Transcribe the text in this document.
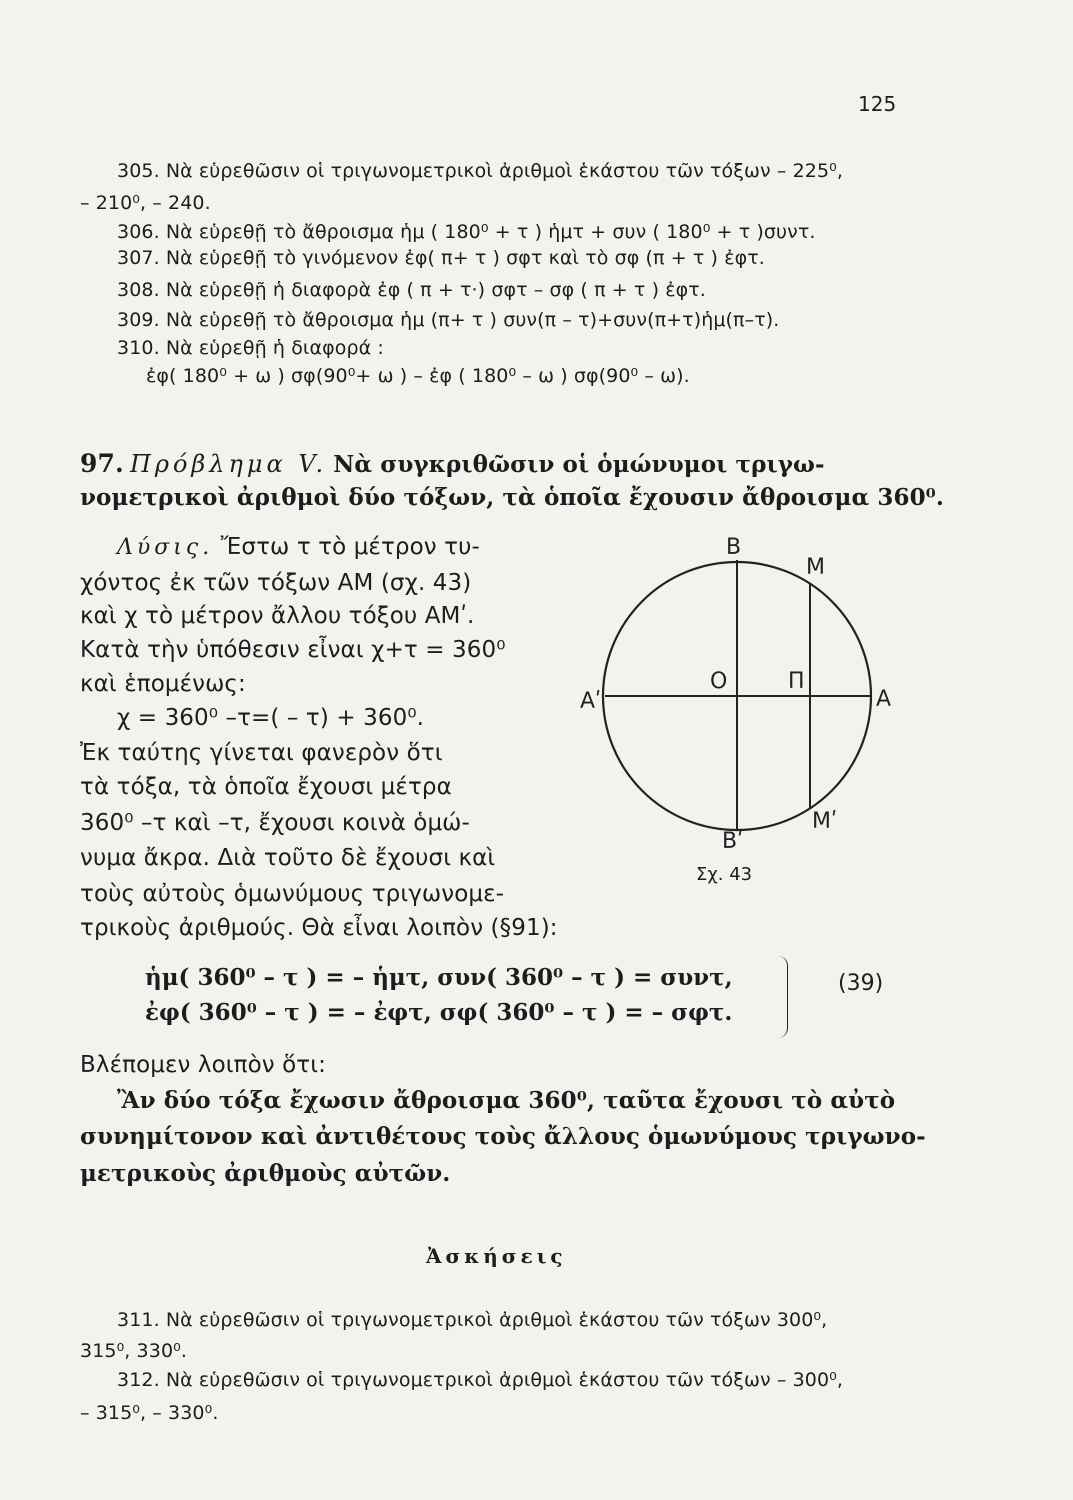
125
305. Νὰ εὑρεθῶσιν οἱ τριγωνομετρικοὶ ἀριθμοὶ ἑκάστου τῶν τόξων – 225⁰,
– 210⁰, – 240.
306. Νὰ εὑρεθῇ τὸ ἄθροισμα ἡμ ( 180⁰ + τ ) ἡμτ + συν ( 180⁰ + τ )συντ.
307. Νὰ εὑρεθῇ τὸ γινόμενον ἐφ( π+ τ ) σφτ καὶ τὸ σφ (π + τ ) ἐφτ.
308. Νὰ εὑρεθῇ ἡ διαφορὰ ἐφ ( π + τ·) σφτ – σφ ( π + τ ) ἐφτ.
309. Νὰ εὑρεθῇ τὸ ἄθροισμα ἡμ (π+ τ ) συν(π – τ)+συν(π+τ)ἡμ(π–τ).
310. Νὰ εὑρεθῇ ἡ διαφορά :
ἐφ( 180⁰ + ω ) σφ(90⁰+ ω ) – ἐφ ( 180⁰ – ω ) σφ(90⁰ – ω).
97. Πρόβλημα V. Νὰ συγκριθῶσιν οἱ ὁμώνυμοι τριγω-
νομετρικοὶ ἀριθμοὶ δύο τόξων, τὰ ὁποῖα ἔχουσιν ἄθροισμα 360⁰.
Λύσις. Ἔστω τ τὸ μέτρον τυ-
χόντος ἐκ τῶν τόξων ΑΜ (σχ. 43)
καὶ χ τὸ μέτρον ἄλλου τόξου ΑΜʹ.
Κατὰ τὴν ὑπόθεσιν εἶναι χ+τ = 360⁰
καὶ ἑπομένως:
χ = 360⁰ –τ=( – τ) + 360⁰.
Ἐκ ταύτης γίνεται φανερὸν ὅτι
τὰ τόξα, τὰ ὁποῖα ἔχουσι μέτρα
360⁰ –τ καὶ –τ, ἔχουσι κοινὰ ὁμώ-
νυμα ἄκρα. Διὰ τοῦτο δὲ ἔχουσι καὶ
τοὺς αὐτοὺς ὁμωνύμους τριγωνομε-
τρικοὺς ἀριθμούς. Θὰ εἶναι λοιπὸν (§91):
Β
Μ
Ο	Π
Αʹ	Α
Βʹ
Μʹ
Σχ. 43
ἡμ( 360⁰ – τ ) = – ἡμτ, συν( 360⁰ – τ ) = συντ,
ἐφ( 360⁰ – τ ) = – ἐφτ, σφ( 360⁰ – τ ) = – σφτ.
(39)
Βλέπομεν λοιπὸν ὅτι:
Ἂν δύο τόξα ἔχωσιν ἄθροισμα 360⁰, ταῦτα ἔχουσι τὸ αὐτὸ
συνημίτονον καὶ ἀντιθέτους τοὺς ἄλλους ὁμωνύμους τριγωνο-
μετρικοὺς ἀριθμοὺς αὐτῶν.
Ἀσκήσεις
311. Νὰ εὑρεθῶσιν οἱ τριγωνομετρικοὶ ἀριθμοὶ ἑκάστου τῶν τόξων 300⁰,
315⁰, 330⁰.
312. Νὰ εὑρεθῶσιν οἱ τριγωνομετρικοὶ ἀριθμοὶ ἑκάστου τῶν τόξων – 300⁰,
– 315⁰, – 330⁰.
